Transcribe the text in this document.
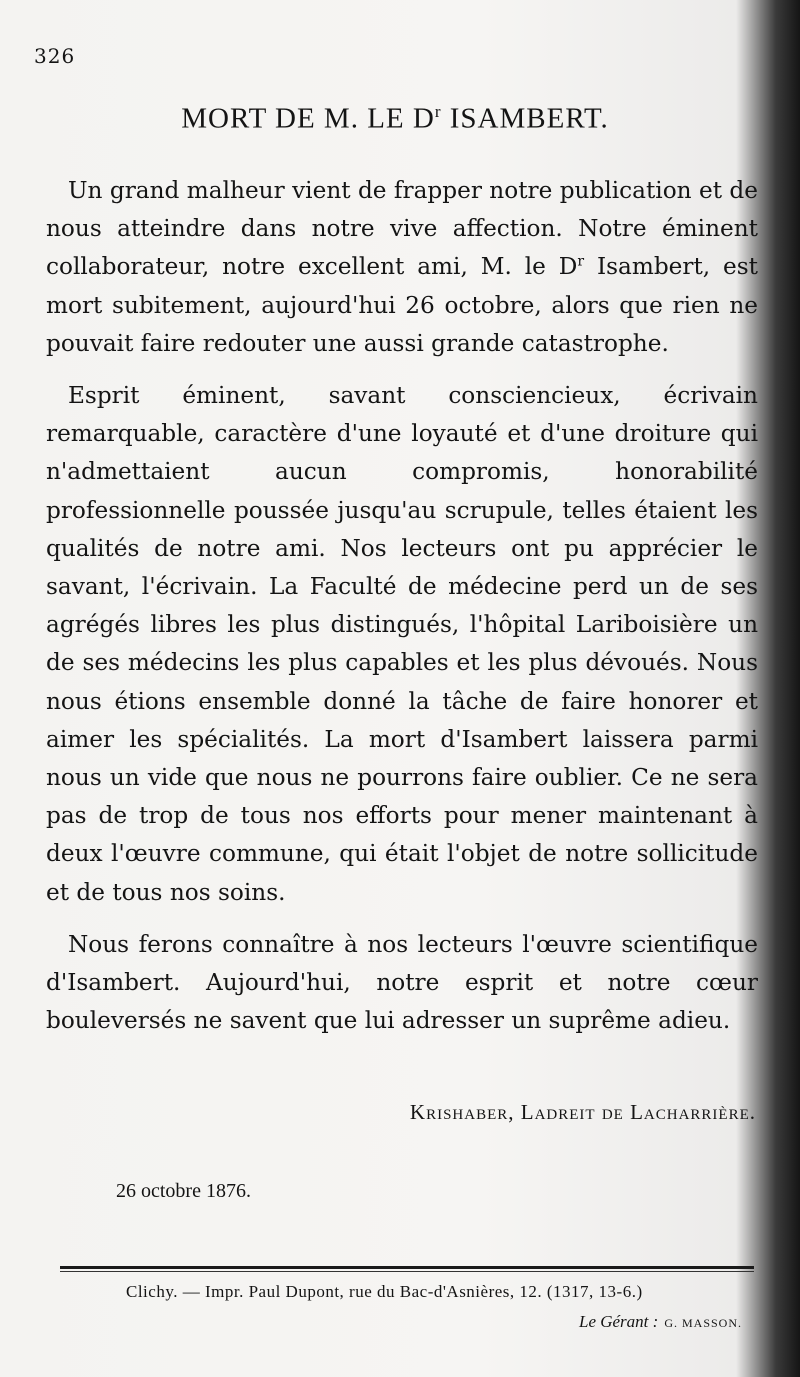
326
MORT DE M. LE $D^r$ ISAMBERT.

Un grand malheur vient de frapper notre publication et de nous atteindre dans notre vive affection. Notre éminent collaborateur, notre excellent ami, M. le $D^r$ Isambert, est mort subitement, aujourd'hui 26 octobre, alors que rien ne pouvait faire redouter une aussi grande catastrophe.

Esprit éminent, savant consciencieux, écrivain remarquable, caractère d'une loyauté et d'une droiture qui n'admettaient aucun compromis, honorabilité professionnelle poussée jusqu'au scrupule, telles étaient les qualités de notre ami. Nos lecteurs ont pu apprécier le savant, l'écrivain. La Faculté de médecine perd un de ses agrégés libres les plus distingués, l'hôpital Lariboisière un de ses médecins les plus capables et les plus dévoués. Nous nous étions ensemble donné la tâche de faire honorer et aimer les spécialités. La mort d'Isambert laissera parmi nous un vide que nous ne pourrons faire oublier. Ce ne sera pas de trop de tous nos efforts pour mener maintenant à deux l'œuvre commune, qui était l'objet de notre sollicitude et de tous nos soins.

Nous ferons connaître à nos lecteurs l'œuvre scientifique d'Isambert. Aujourd'hui, notre esprit et notre cœur bouleversés ne savent que lui adresser un suprême adieu.

Krishaber, Ladreit de Lacharrière.
26 octobre 1876.
Clichy. — Impr. Paul Dupont, rue du Bac-d'Asnières, 12. (1317, 13-6.)
Le Gérant : G. MASSON.
